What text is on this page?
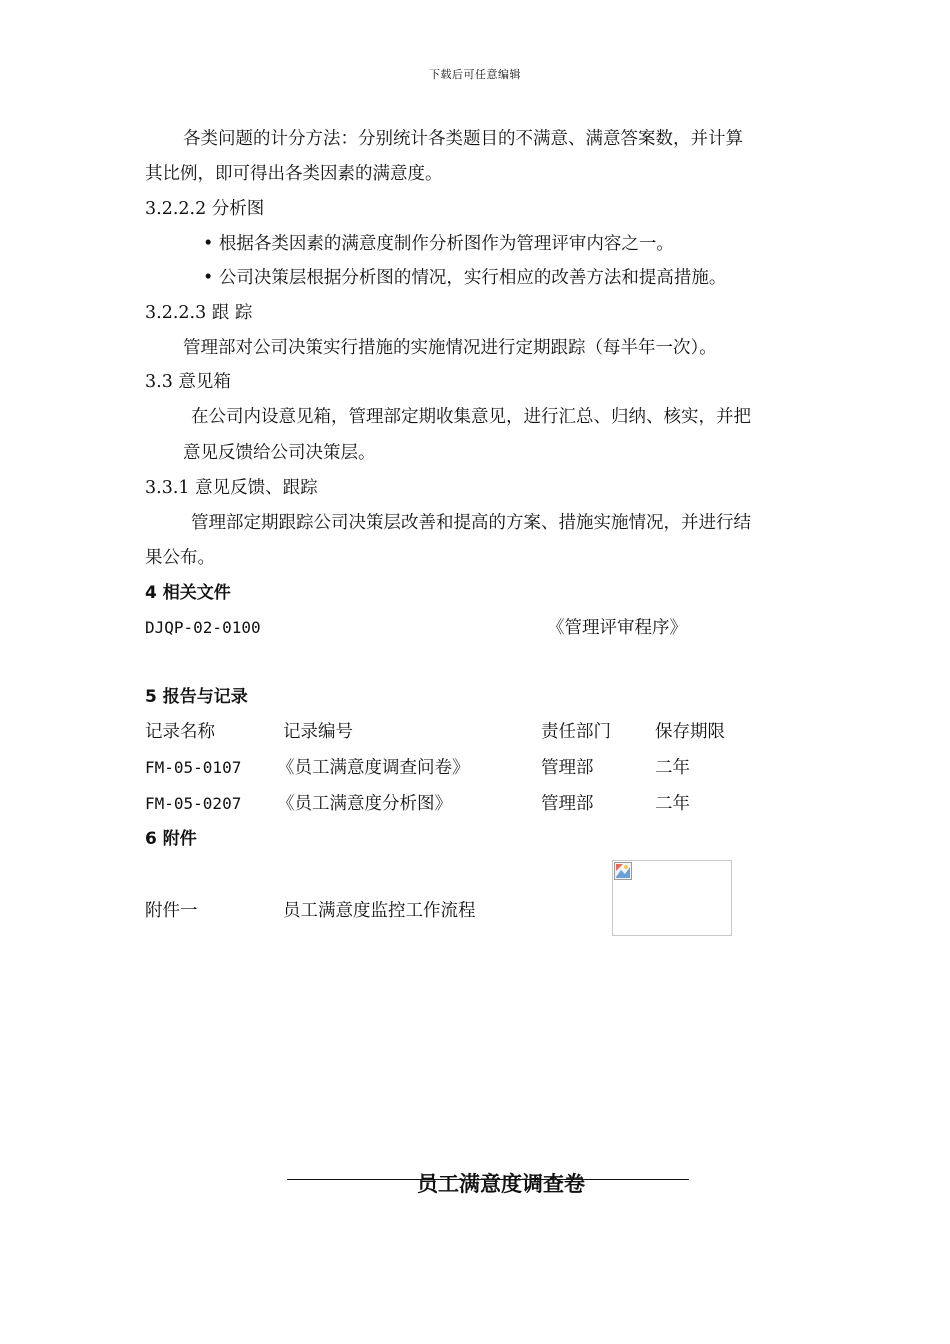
下载后可任意编辑
各类问题的计分方法：分别统计各类题目的不满意、满意答案数，并计算
其比例，即可得出各类因素的满意度。
3.2.2.2 分析图
• 根据各类因素的满意度制作分析图作为管理评审内容之一。
• 公司决策层根据分析图的情况，实行相应的改善方法和提高措施。
3.2.2.3 跟 踪
管理部对公司决策实行措施的实施情况进行定期跟踪（每半年一次）。
3.3 意见箱
在公司内设意见箱，管理部定期收集意见，进行汇总、归纳、核实，并把
意见反馈给公司决策层。
3.3.1 意见反馈、跟踪
管理部定期跟踪公司决策层改善和提高的方案、措施实施情况，并进行结
果公布。
4 相关文件
DJQP-02-0100	《管理评审程序》
5 报告与记录
记录名称	记录编号	责任部门	保存期限
FM-05-0107 《员工满意度调查问卷》	管理部	二年
FM-05-0207 《员工满意度分析图》	管理部	二年
6 附件
附件一	员工满意度监控工作流程
员工满意度调查卷
